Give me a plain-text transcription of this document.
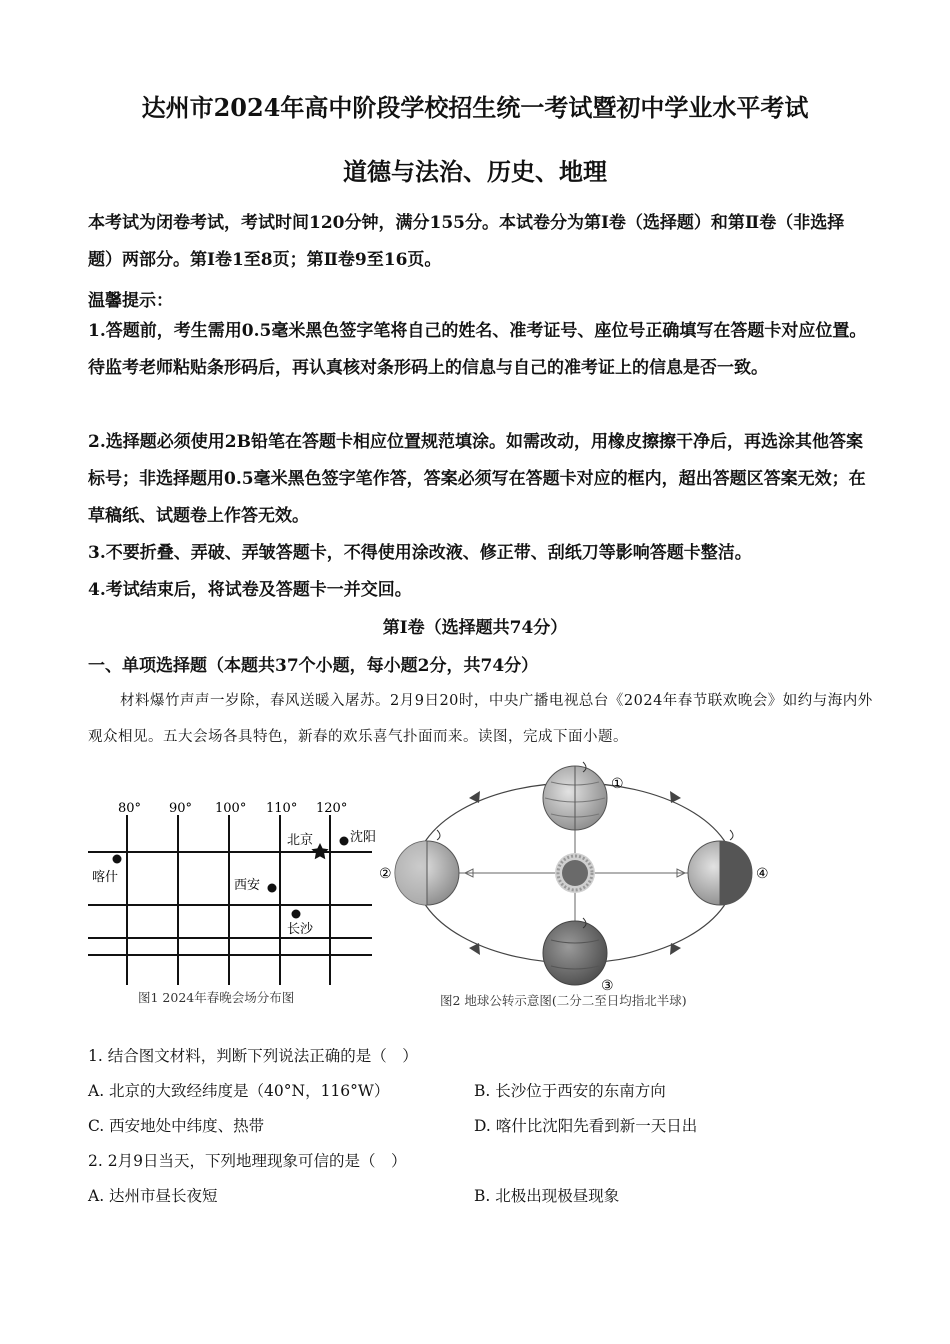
达州市2024年高中阶段学校招生统一考试暨初中学业水平考试
道德与法治、历史、地理
本考试为闭卷考试，考试时间120分钟，满分155分。本试卷分为第I卷（选择题）和第Ⅱ卷（非选择题）两部分。第I卷1至8页；第Ⅱ卷9至16页。
温馨提示：
1.答题前，考生需用0.5毫米黑色签字笔将自己的姓名、准考证号、座位号正确填写在答题卡对应位置。待监考老师粘贴条形码后，再认真核对条形码上的信息与自己的准考证上的信息是否一致。
2.选择题必须使用2B铅笔在答题卡相应位置规范填涂。如需改动，用橡皮擦擦干净后，再选涂其他答案标号；非选择题用0.5毫米黑色签字笔作答，答案必须写在答题卡对应的框内，超出答题区答案无效；在草稿纸、试题卷上作答无效。
3.不要折叠、弄破、弄皱答题卡，不得使用涂改液、修正带、刮纸刀等影响答题卡整洁。
4.考试结束后，将试卷及答题卡一并交回。
第I卷（选择题共74分）
一、单项选择题（本题共37个小题，每小题2分，共74分）
材料爆竹声声一岁除，春风送暖入屠苏。2月9日20时，中央广播电视总台《2024年春节联欢晚会》如约与海内外观众相见。五大会场各具特色，新春的欢乐喜气扑面而来。读图，完成下面小题。
80° 90° 100° 110° 120°
北京	沈阳
喀什
西安
长沙
图1 2024年春晚会场分布图
①
②
③
④
图2 地球公转示意图(二分二至日均指北半球)
1. 结合图文材料，判断下列说法正确的是（　）
A. 北京的大致经纬度是（40°N，116°W）	B. 长沙位于西安的东南方向
C. 西安地处中纬度、热带	D. 喀什比沈阳先看到新一天日出
2. 2月9日当天，下列地理现象可信的是（　）
A. 达州市昼长夜短	B. 北极出现极昼现象
